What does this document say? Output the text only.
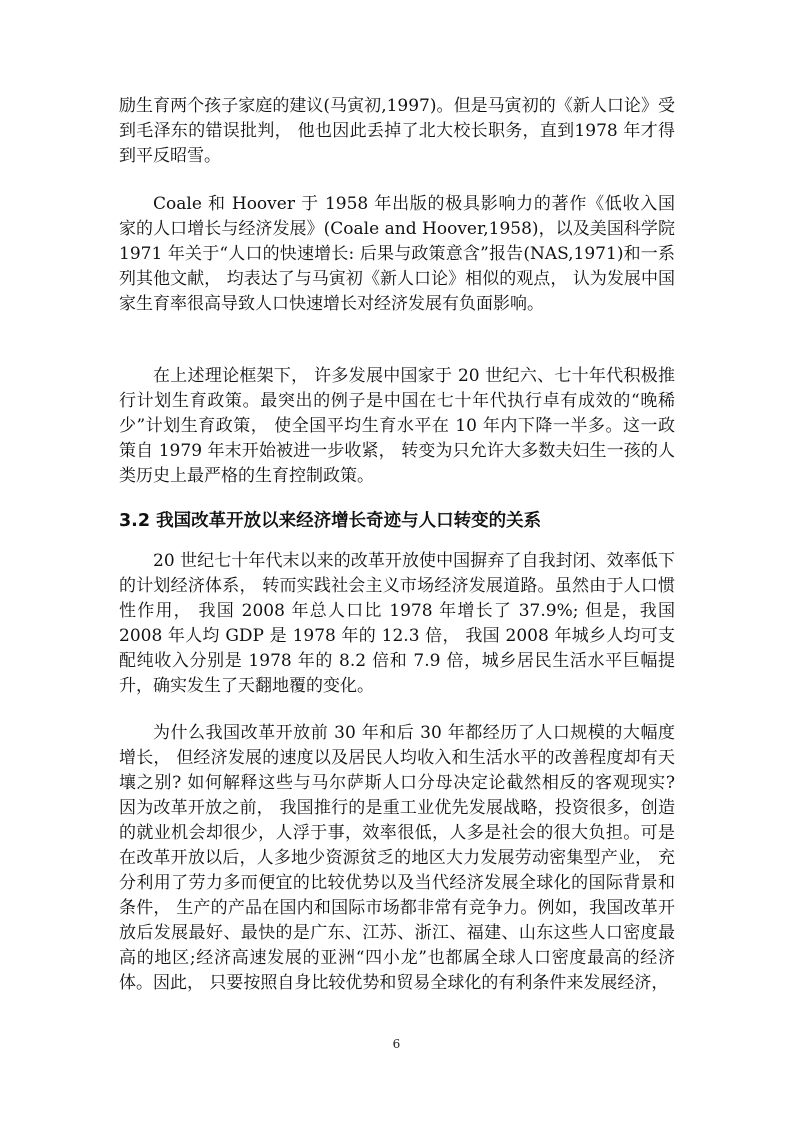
励生育两个孩子家庭的建议(马寅初,1997)。但是马寅初的《新人口论》受到毛泽东的错误批判， 他也因此丢掉了北大校长职务，直到1978 年才得到平反昭雪。

Coale 和 Hoover 于 1958 年出版的极具影响力的著作《低收入国家的人口增长与经济发展》(Coale and Hoover,1958)，以及美国科学院 1971 年关于“人口的快速增长: 后果与政策意含”报告(NAS,1971)和一系列其他文献， 均表达了与马寅初《新人口论》相似的观点， 认为发展中国家生育率很高导致人口快速增长对经济发展有负面影响。

在上述理论框架下， 许多发展中国家于 20 世纪六、七十年代积极推行计划生育政策。最突出的例子是中国在七十年代执行卓有成效的“晚稀少”计划生育政策， 使全国平均生育水平在 10 年内下降一半多。这一政策自 1979 年末开始被进一步收紧， 转变为只允许大多数夫妇生一孩的人类历史上最严格的生育控制政策。

3.2 我国改革开放以来经济增长奇迹与人口转变的关系

20 世纪七十年代末以来的改革开放使中国摒弃了自我封闭、效率低下的计划经济体系， 转而实践社会主义市场经济发展道路。虽然由于人口惯性作用， 我国 2008 年总人口比 1978 年增长了 37.9%; 但是，我国 2008 年人均 GDP 是 1978 年的 12.3 倍， 我国 2008 年城乡人均可支配纯收入分别是 1978 年的 8.2 倍和 7.9 倍，城乡居民生活水平巨幅提升，确实发生了天翻地覆的变化。

为什么我国改革开放前 30 年和后 30 年都经历了人口规模的大幅度增长， 但经济发展的速度以及居民人均收入和生活水平的改善程度却有天壤之别? 如何解释这些与马尔萨斯人口分母决定论截然相反的客观现实? 因为改革开放之前， 我国推行的是重工业优先发展战略，投资很多，创造的就业机会却很少，人浮于事，效率很低，人多是社会的很大负担。可是在改革开放以后，人多地少资源贫乏的地区大力发展劳动密集型产业， 充分利用了劳力多而便宜的比较优势以及当代经济发展全球化的国际背景和条件， 生产的产品在国内和国际市场都非常有竞争力。例如，我国改革开放后发展最好、最快的是广东、江苏、浙江、福建、山东这些人口密度最高的地区;经济高速发展的亚洲“四小龙”也都属全球人口密度最高的经济体。因此， 只要按照自身比较优势和贸易全球化的有利条件来发展经济，

6
